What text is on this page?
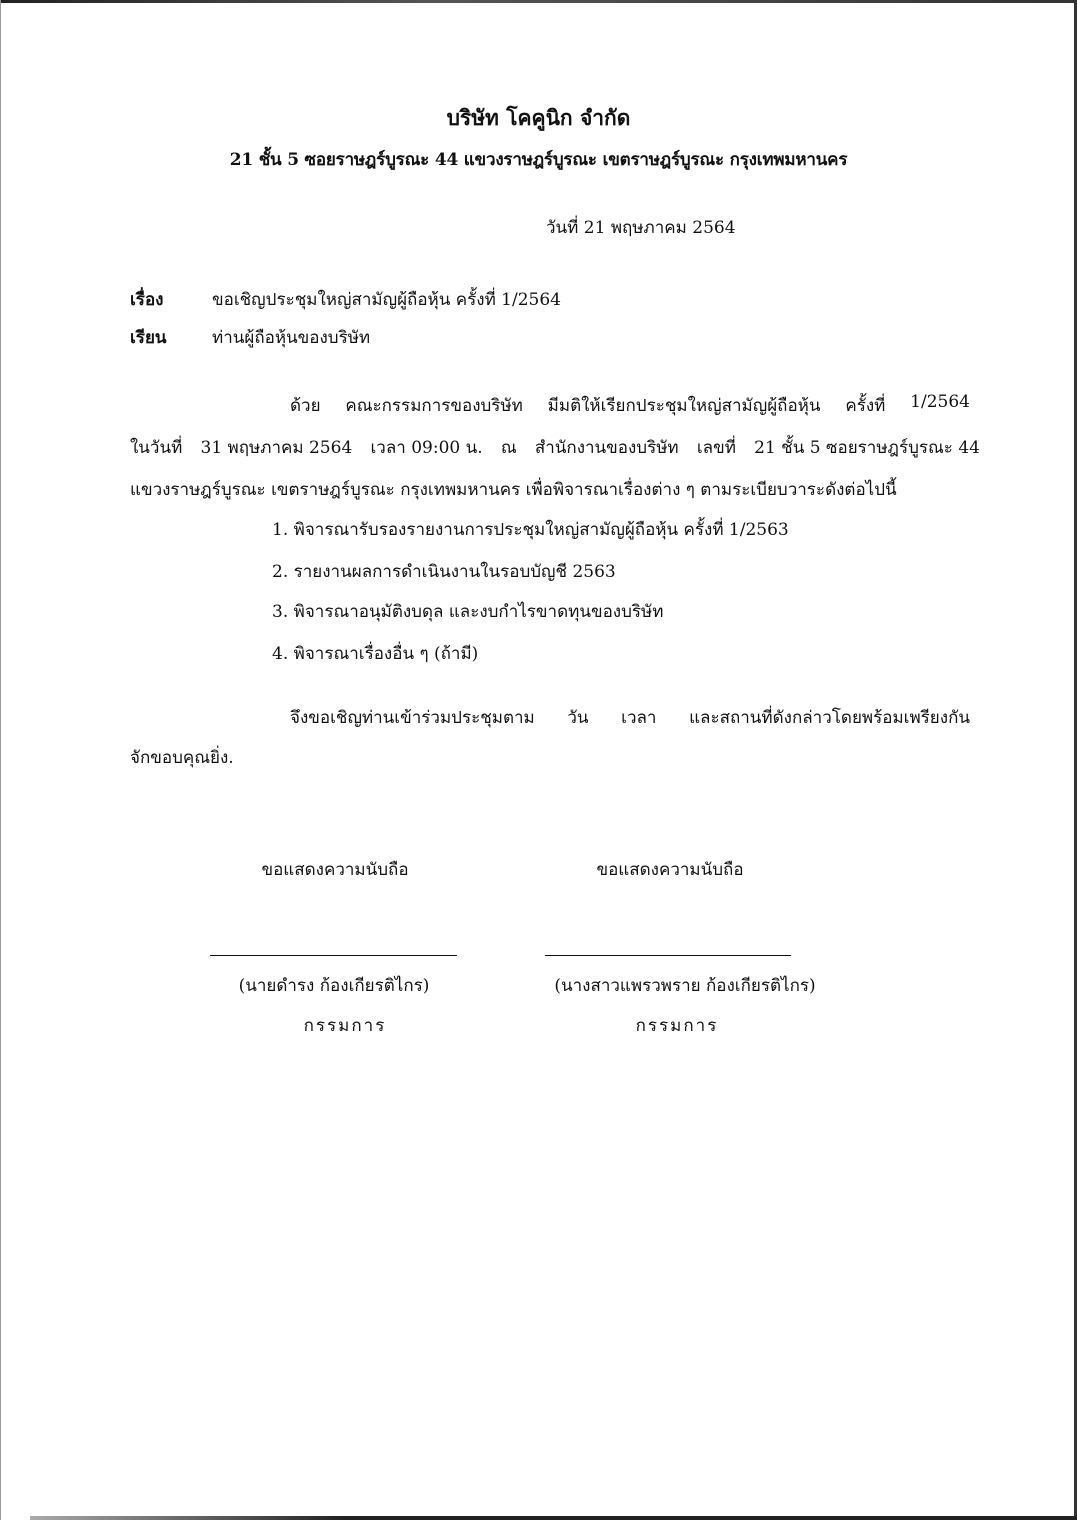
บริษัท โคคูนิก จำกัด
21 ชั้น 5 ซอยราษฎร์บูรณะ 44 แขวงราษฎร์บูรณะ เขตราษฎร์บูรณะ กรุงเทพมหานคร
วันที่ 21 พฤษภาคม 2564
เรื่อง	ขอเชิญประชุมใหญ่สามัญผู้ถือหุ้น ครั้งที่ 1/2564
เรียน	ท่านผู้ถือหุ้นของบริษัท
ด้วย คณะกรรมการของบริษัท มีมติให้เรียกประชุมใหญ่สามัญผู้ถือหุ้น ครั้งที่ 1/2564
ในวันที่ 31 พฤษภาคม 2564 เวลา 09:00 น. ณ สำนักงานของบริษัท เลขที่ 21 ชั้น 5 ซอยราษฎร์บูรณะ 44
แขวงราษฎร์บูรณะ เขตราษฎร์บูรณะ กรุงเทพมหานคร เพื่อพิจารณาเรื่องต่าง ๆ ตามระเบียบวาระดังต่อไปนี้
1. พิจารณารับรองรายงานการประชุมใหญ่สามัญผู้ถือหุ้น ครั้งที่ 1/2563
2. รายงานผลการดำเนินงานในรอบบัญชี 2563
3. พิจารณาอนุมัติงบดุล และงบกำไรขาดทุนของบริษัท
4. พิจารณาเรื่องอื่น ๆ (ถ้ามี)
จึงขอเชิญท่านเข้าร่วมประชุมตาม วัน เวลา และสถานที่ดังกล่าวโดยพร้อมเพรียงกัน
จักขอบคุณยิ่ง.
ขอแสดงความนับถือ	ขอแสดงความนับถือ
(นายดำรง ก้องเกียรติไกร)	(นางสาวแพรวพราย ก้องเกียรติไกร)
กรรมการ	กรรมการ
